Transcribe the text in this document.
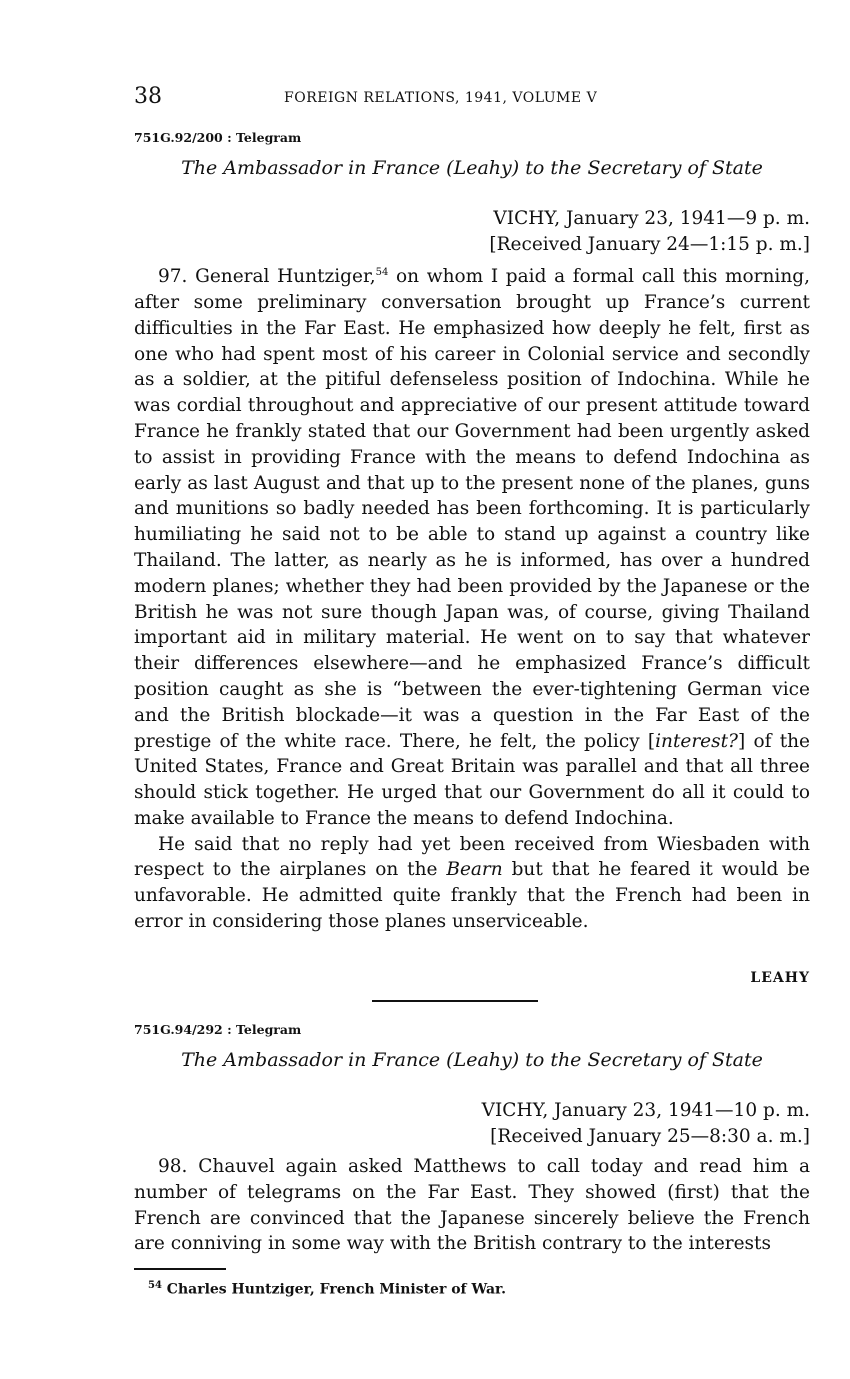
38	FOREIGN RELATIONS, 1941, VOLUME V
751G.92/200 : Telegram
The Ambassador in France (Leahy) to the Secretary of State
VICHY, January 23, 1941—9 p. m.
[Received January 24—1:15 p. m.]

97. General Huntziger,$^{54}$ on whom I paid a formal call this morning, after some preliminary conversation brought up France’s current difficulties in the Far East. He emphasized how deeply he felt, first as one who had spent most of his career in Colonial service and secondly as a soldier, at the pitiful defenseless position of Indochina. While he was cordial throughout and appreciative of our present attitude toward France he frankly stated that our Government had been urgently asked to assist in providing France with the means to defend Indochina as early as last August and that up to the present none of the planes, guns and munitions so badly needed has been forthcoming. It is particularly humiliating he said not to be able to stand up against a country like Thailand. The latter, as nearly as he is informed, has over a hundred modern planes; whether they had been provided by the Japanese or the British he was not sure though Japan was, of course, giving Thailand important aid in military material. He went on to say that whatever their differences elsewhere—and he emphasized France’s difficult position caught as she is “between the ever-tightening German vice and the British blockade—it was a question in the Far East of the prestige of the white race. There, he felt, the policy [interest?] of the United States, France and Great Britain was parallel and that all three should stick together. He urged that our Government do all it could to make available to France the means to defend Indochina.

He said that no reply had yet been received from Wiesbaden with respect to the airplanes on the Bearn but that he feared it would be unfavorable. He admitted quite frankly that the French had been in error in considering those planes unserviceable.

LEAHY
751G.94/292 : Telegram
The Ambassador in France (Leahy) to the Secretary of State
VICHY, January 23, 1941—10 p. m.
[Received January 25—8:30 a. m.]

98. Chauvel again asked Matthews to call today and read him a number of telegrams on the Far East. They showed (first) that the French are convinced that the Japanese sincerely believe the French are conniving in some way with the British contrary to the interests

$^{54}$ Charles Huntziger, French Minister of War.
